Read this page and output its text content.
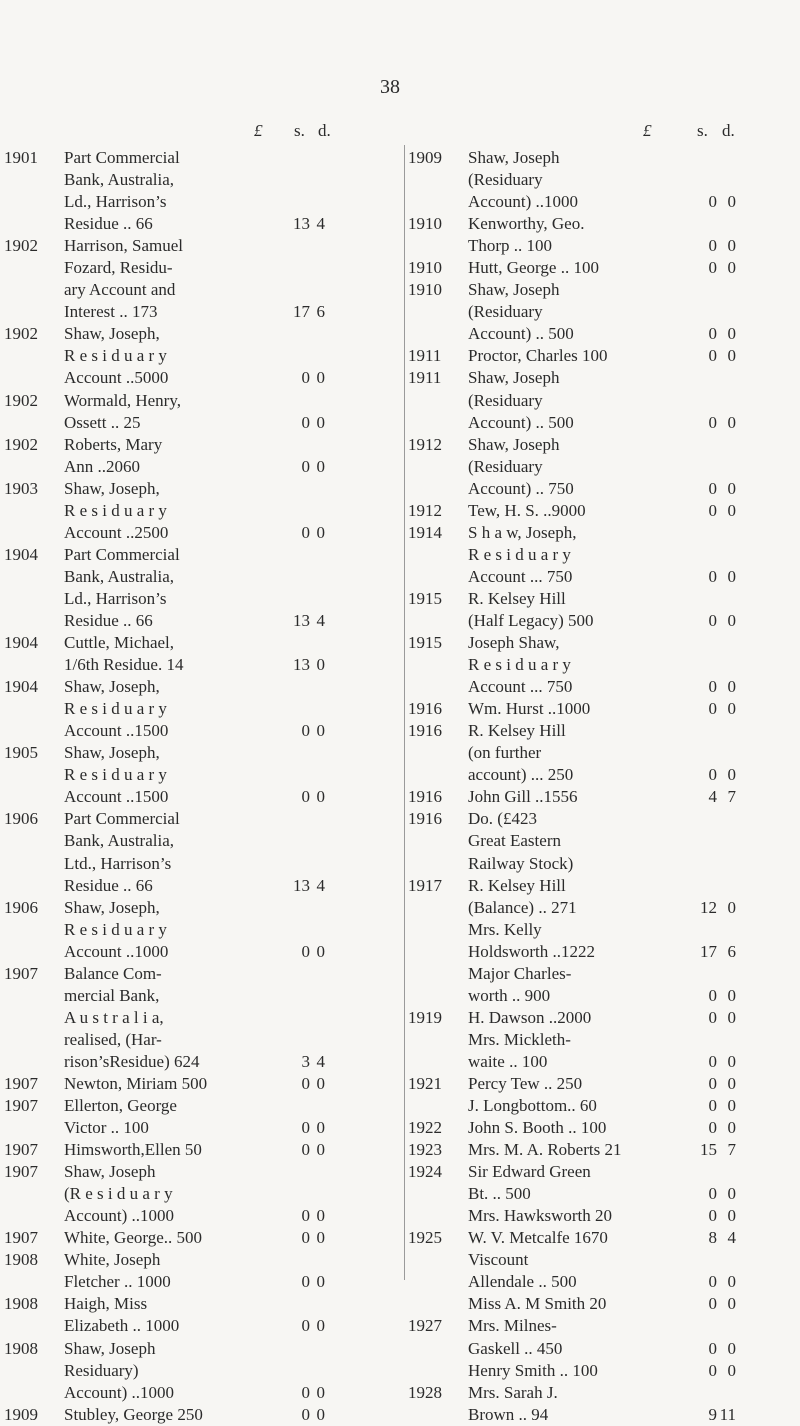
38
£ s. d.
1901 Part Commercial
Bank, Australia,
Ld., Harrison’s
Residue .. 66	13 4
1902 Harrison, Samuel
Fozard, Residu-
ary Account and
Interest .. 173	17 6
1902 Shaw, Joseph,
R e s i d u a r y
Account ..5000	0 0
1902 Wormald, Henry,
Ossett .. 25	0 0
1902 Roberts, Mary
Ann ..2060	0 0
1903 Shaw, Joseph,
R e s i d u a r y
Account ..2500	0 0
1904 Part Commercial
Bank, Australia,
Ld., Harrison’s
Residue .. 66	13 4
1904 Cuttle, Michael,
1/6th Residue. 14	13 0
1904 Shaw, Joseph,
R e s i d u a r y
Account ..1500	0 0
1905 Shaw, Joseph,
R e s i d u a r y
Account ..1500	0 0
1906 Part Commercial
Bank, Australia,
Ltd., Harrison’s
Residue .. 66	13 4
1906 Shaw, Joseph,
R e s i d u a r y
Account ..1000	0 0
1907 Balance Com-
mercial Bank,
A u s t r a l i a,
realised, (Har-
rison’sResidue) 624	3 4
1907 Newton, Miriam 500	0 0
1907 Ellerton, George
Victor .. 100	0 0
1907 Himsworth,Ellen 50	0 0
1907 Shaw, Joseph
(R e s i d u a r y
Account) ..1000	0 0
1907 White, George.. 500	0 0
1908 White, Joseph
Fletcher .. 1000	0 0
1908 Haigh, Miss
Elizabeth .. 1000	0 0
1908 Shaw, Joseph
Residuary)
Account) ..1000	0 0
1909 Stubley, George 250	0 0
£	s. d.
1909 Shaw, Joseph
(Residuary
Account) ..1000	0 0
1910 Kenworthy, Geo.
Thorp .. 100	0 0
1910 Hutt, George .. 100	0 0
1910 Shaw, Joseph
(Residuary
Account) .. 500	0 0
1911 Proctor, Charles 100	0 0
1911 Shaw, Joseph
(Residuary
Account) .. 500	0 0
1912 Shaw, Joseph
(Residuary
Account) .. 750	0 0
1912 Tew, H. S. ..9000	0 0
1914 S h a w, Joseph,
R e s i d u a r y
Account ... 750	0 0
1915 R. Kelsey Hill
(Half Legacy) 500	0 0
1915 Joseph Shaw,
R e s i d u a r y
Account ... 750	0 0
1916 Wm. Hurst ..1000	0 0
1916 R. Kelsey Hill
(on further
account) ... 250	0 0
1916 John Gill ..1556	4 7
1916 Do. (£423
Great Eastern
Railway Stock)
1917 R. Kelsey Hill
(Balance) .. 271	12 0
Mrs. Kelly
Holdsworth ..1222	17 6
Major Charles-
worth .. 900	0 0
1919 H. Dawson ..2000	0 0
Mrs. Mickleth-
waite .. 100	0 0
1921 Percy Tew .. 250	0 0
J. Longbottom.. 60	0 0
1922 John S. Booth .. 100	0 0
1923 Mrs. M. A. Roberts 21	15 7
1924 Sir Edward Green
Bt. .. 500	0 0
Mrs. Hawksworth 20	0 0
1925 W. V. Metcalfe 1670	8 4
Viscount
Allendale .. 500	0 0
Miss A. M Smith 20	0 0
1927 Mrs. Milnes-
Gaskell .. 450	0 0
Henry Smith .. 100	0 0
1928 Mrs. Sarah J.
Brown .. 94	9 11
